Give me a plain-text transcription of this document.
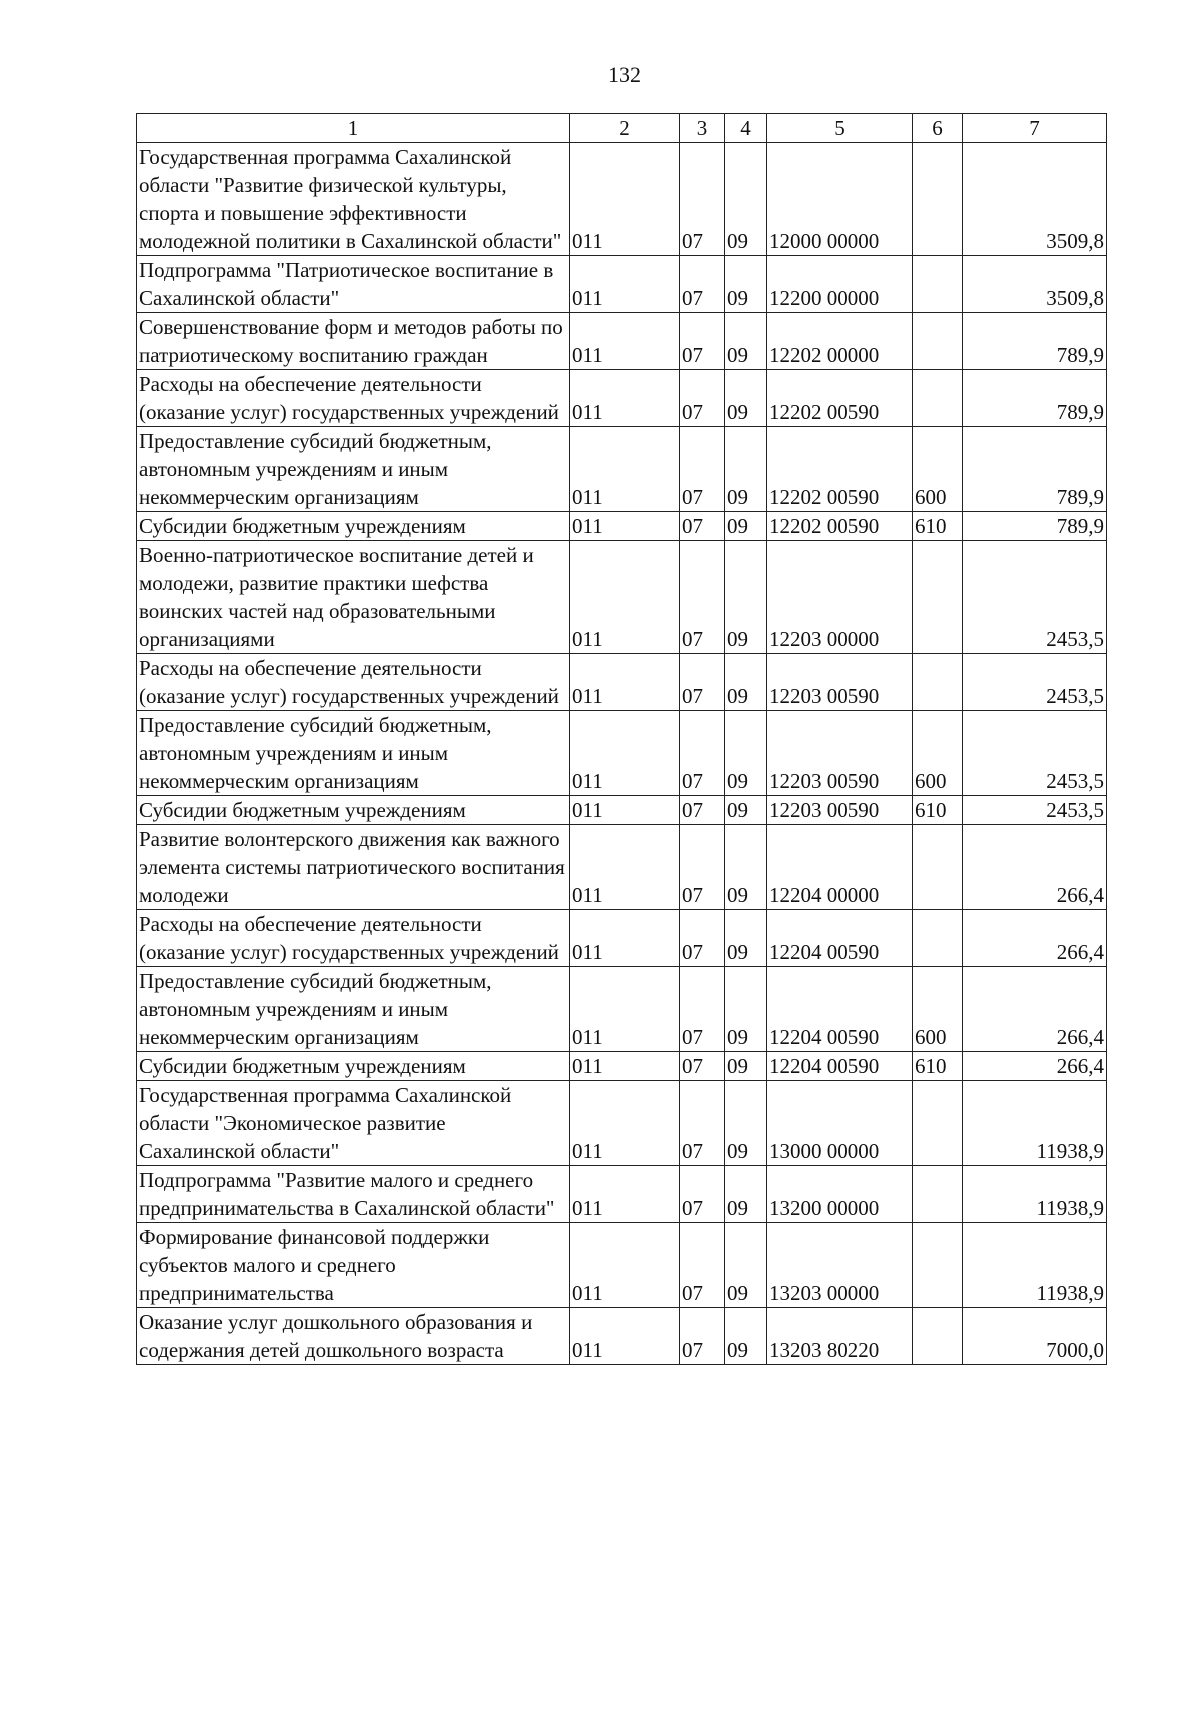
132
1	2	3	4	5	6	7
Государственная программа Сахалинской области "Развитие физической культуры, спорта и повышение эффективности молодежной политики в Сахалинской области"	011	07	09	12000 00000		3509,8
Подпрограмма "Патриотическое воспитание в Сахалинской области"	011	07	09	12200 00000		3509,8
Совершенствование форм и методов работы по патриотическому воспитанию граждан	011	07	09	12202 00000		789,9
Расходы на обеспечение деятельности (оказание услуг) государственных учреждений	011	07	09	12202 00590		789,9
Предоставление субсидий бюджетным, автономным учреждениям и иным некоммерческим организациям	011	07	09	12202 00590	600	789,9
Субсидии бюджетным учреждениям	011	07	09	12202 00590	610	789,9
Военно-патриотическое воспитание детей и молодежи, развитие практики шефства воинских частей над образовательными организациями	011	07	09	12203 00000		2453,5
Расходы на обеспечение деятельности (оказание услуг) государственных учреждений	011	07	09	12203 00590		2453,5
Предоставление субсидий бюджетным, автономным учреждениям и иным некоммерческим организациям	011	07	09	12203 00590	600	2453,5
Субсидии бюджетным учреждениям	011	07	09	12203 00590	610	2453,5
Развитие волонтерского движения как важного элемента системы патриотического воспитания молодежи	011	07	09	12204 00000		266,4
Расходы на обеспечение деятельности (оказание услуг) государственных учреждений	011	07	09	12204 00590		266,4
Предоставление субсидий бюджетным, автономным учреждениям и иным некоммерческим организациям	011	07	09	12204 00590	600	266,4
Субсидии бюджетным учреждениям	011	07	09	12204 00590	610	266,4
Государственная программа Сахалинской области "Экономическое развитие Сахалинской области"	011	07	09	13000 00000		11938,9
Подпрограмма "Развитие малого и среднего предпринимательства в Сахалинской области"	011	07	09	13200 00000		11938,9
Формирование финансовой поддержки субъектов малого и среднего предпринимательства	011	07	09	13203 00000		11938,9
Оказание услуг дошкольного образования и содержания детей дошкольного возраста	011	07	09	13203 80220		7000,0
